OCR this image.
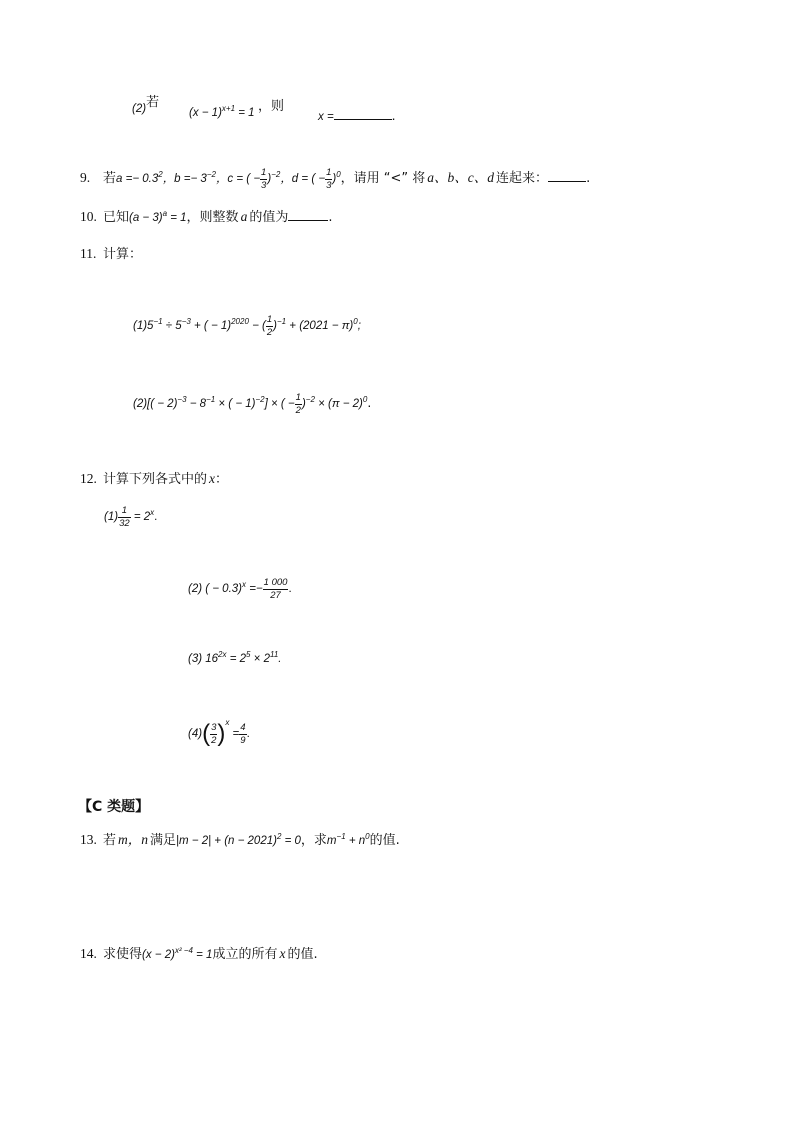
(2)若
$(x - 1)^{x+1} = 1$ ，则
x =	.
9. 若$a =- 0.3^2$，$b =- 3^{-2}$，c = ( − $\frac{1}{3} )^{-2}$，d = ( − $\frac{1}{3} )^0$，请用 “<” 将 a、b、c、d 连起来：	.
10. 已知$(a - 3)^a = 1$，则整数 a 的值为	.
11. 计算：
$(1)5^{-1} \div 5^{-3}$ + ( − 1)$^{2020}$ − ( $\frac{1}{2} )^{-1} + (2021 - \pi)^0$;
$(2)[( - 2)^{-3} - 8^{-1}$ × ( − 1)$^{-2}$] × ( − $\frac{1}{2} )^{-2} \times (\pi - 2)^0$.
12. 计算下列各式中的 x：
$(1) \frac{1}{32} = 2^x$.
(2) ( − $0.3)^x =- \frac{1 000}{27}$ .
(3) $16^{2x} = 2^5 \times 2^{11}$.
$(4)( \frac{3}{2} )^x = \frac{4}{9}$ .
【C 类题】
13. 若 m，n 满足$|m - 2| + (n - 2021)^2 = 0$，求$m^{-1} + n^0$的值.
14. 求使得$(x - 2)^{x^2 -4} = 1$成立的所有 x 的值.
